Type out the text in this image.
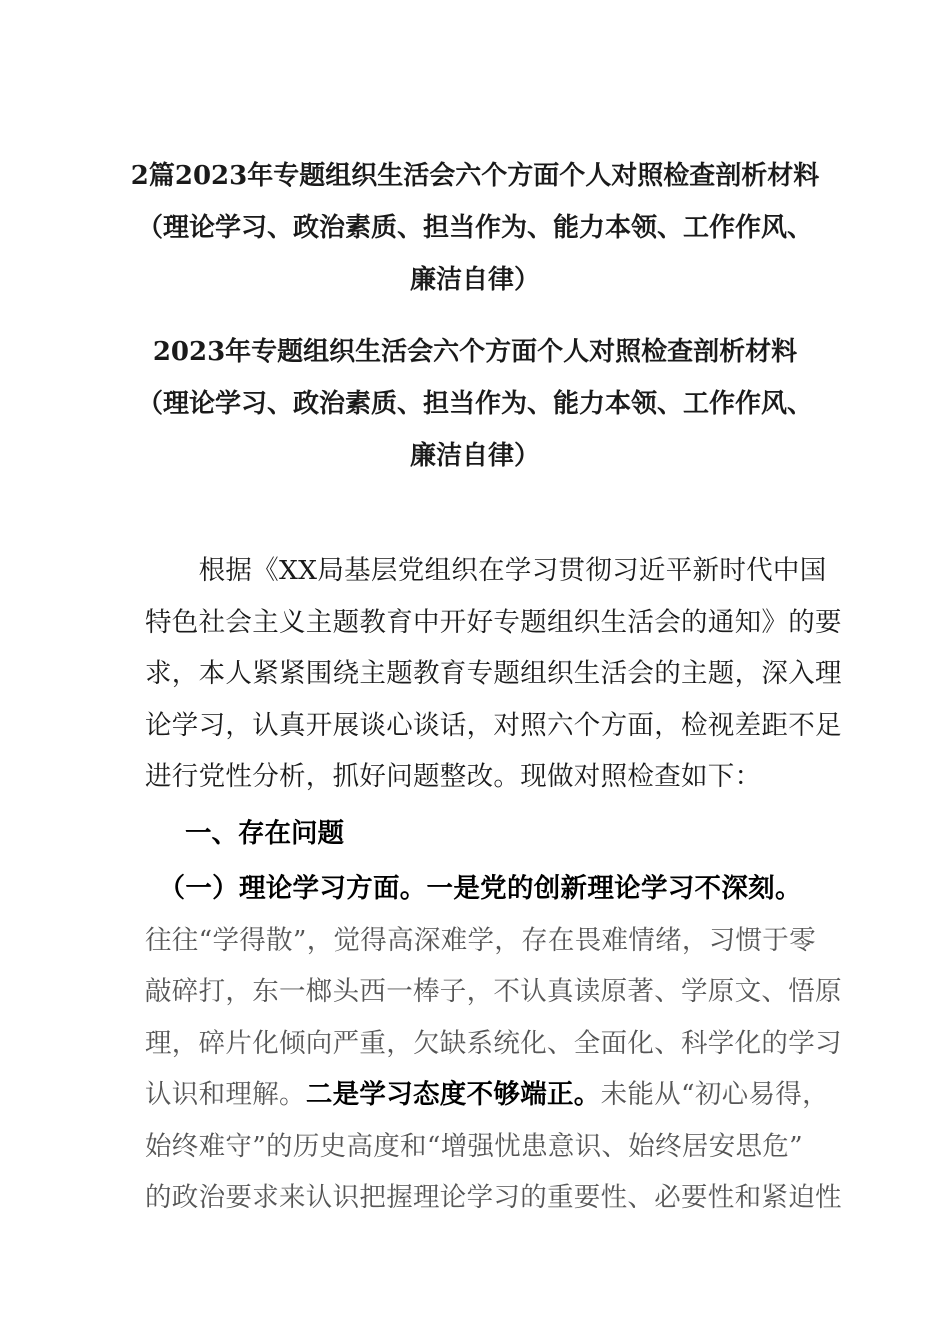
2篇2023年专题组织生活会六个方面个人对照检查剖析材料
（理论学习、政治素质、担当作为、能力本领、工作作风、
廉洁自律）
2023年专题组织生活会六个方面个人对照检查剖析材料
（理论学习、政治素质、担当作为、能力本领、工作作风、
廉洁自律）
　　根据《XX局基层党组织在学习贯彻习近平新时代中国
特色社会主义主题教育中开好专题组织生活会的通知》的要
求，本人紧紧围绕主题教育专题组织生活会的主题，深入理
论学习，认真开展谈心谈话，对照六个方面，检视差距不足
进行党性分析，抓好问题整改。现做对照检查如下：
一、存在问题
　（一）理论学习方面。一是党的创新理论学习不深刻。
往往“学得散”，觉得高深难学，存在畏难情绪，习惯于零
敲碎打，东一榔头西一棒子，不认真读原著、学原文、悟原
理，碎片化倾向严重，欠缺系统化、全面化、科学化的学习
认识和理解。二是学习态度不够端正。未能从“初心易得，
始终难守”的历史高度和“增强忧患意识、始终居安思危”
的政治要求来认识把握理论学习的重要性、必要性和紧迫性
